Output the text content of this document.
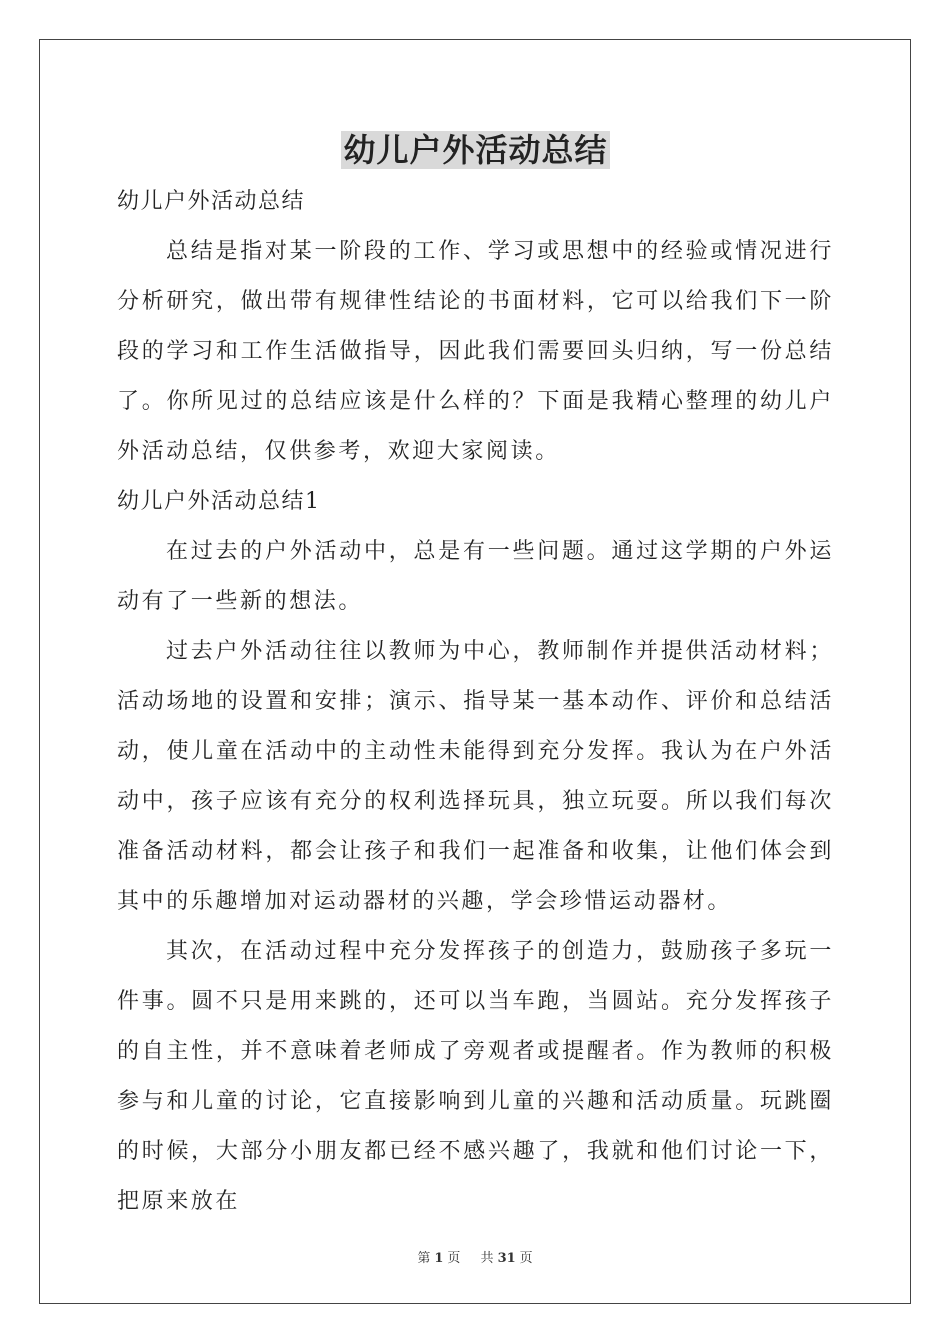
幼儿户外活动总结

幼儿户外活动总结

总结是指对某一阶段的工作、学习或思想中的经验或情况进行分析研究，做出带有规律性结论的书面材料，它可以给我们下一阶段的学习和工作生活做指导，因此我们需要回头归纳，写一份总结了。你所见过的总结应该是什么样的？下面是我精心整理的幼儿户外活动总结，仅供参考，欢迎大家阅读。

幼儿户外活动总结1

在过去的户外活动中，总是有一些问题。通过这学期的户外运动有了一些新的想法。

过去户外活动往往以教师为中心，教师制作并提供活动材料；活动场地的设置和安排；演示、指导某一基本动作、评价和总结活动，使儿童在活动中的主动性未能得到充分发挥。我认为在户外活动中，孩子应该有充分的权利选择玩具，独立玩耍。所以我们每次准备活动材料，都会让孩子和我们一起准备和收集，让他们体会到其中的乐趣增加对运动器材的兴趣，学会珍惜运动器材。

其次，在活动过程中充分发挥孩子的创造力，鼓励孩子多玩一件事。圆不只是用来跳的，还可以当车跑，当圆站。充分发挥孩子的自主性，并不意味着老师成了旁观者或提醒者。作为教师的积极参与和儿童的讨论，它直接影响到儿童的兴趣和活动质量。玩跳圈的时候，大部分小朋友都已经不感兴趣了，我就和他们讨论一下，把原来放在

第 1 页 共 31 页
